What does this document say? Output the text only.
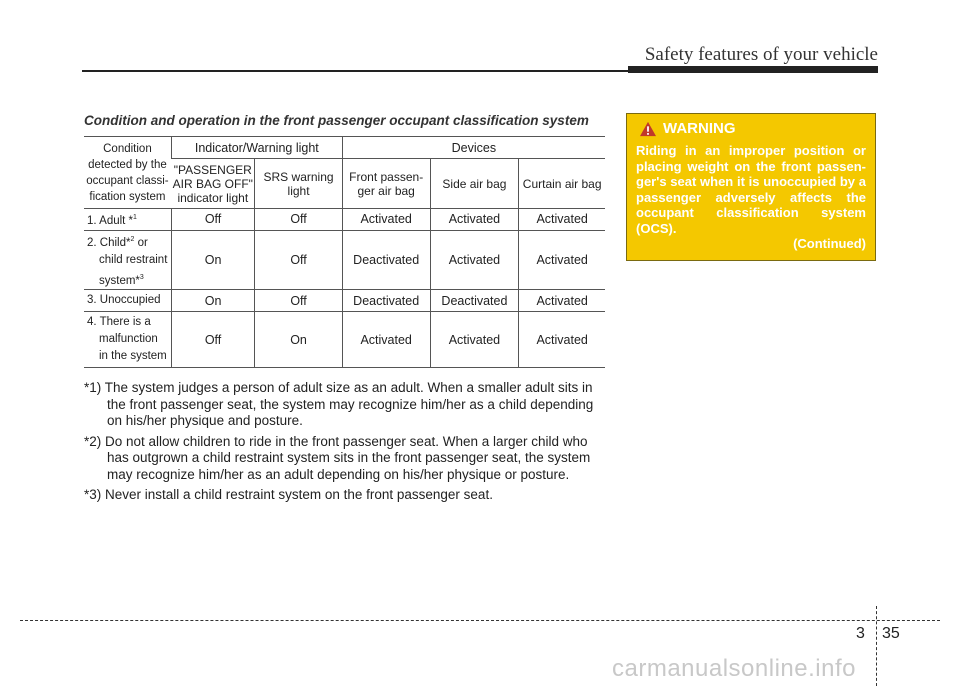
Safety features of your vehicle
Condition and operation in the front passenger occupant classification system
Condition detected by the occupant classi- fication system	Indicator/Warning light		Devices		
	"PASSENGER AIR BAG OFF" indicator light	SRS warning light	Front passen- ger air bag	Side air bag	Curtain air bag
1. Adult *$^1$	Off	Off	Activated	Activated	Activated
2. Child*$^2$ or
child restraint
system*$^3$	On	Off	Deactivated	Activated	Activated
3. Unoccupied	On	Off	Deactivated	Deactivated	Activated
4. There is a
malfunction
in the system	Off	On	Activated	Activated	Activated
*1) The system judges a person of adult size as an adult. When a smaller adult sits in the front passenger seat, the system may recognize him/her as a child depending on his/her physique and posture.
*2) Do not allow children to ride in the front passenger seat. When a larger child who has outgrown a child restraint system sits in the front passenger seat, the system may recognize him/her as an adult depending on his/her physique or posture.
*3) Never install a child restraint system on the front passenger seat.
WARNING
Riding in an improper position or placing weight on the front passen- ger's seat when it is unoccupied by a passenger adversely affects the occupant classification system (OCS).
(Continued)
3 35
carmanualsonline.info
